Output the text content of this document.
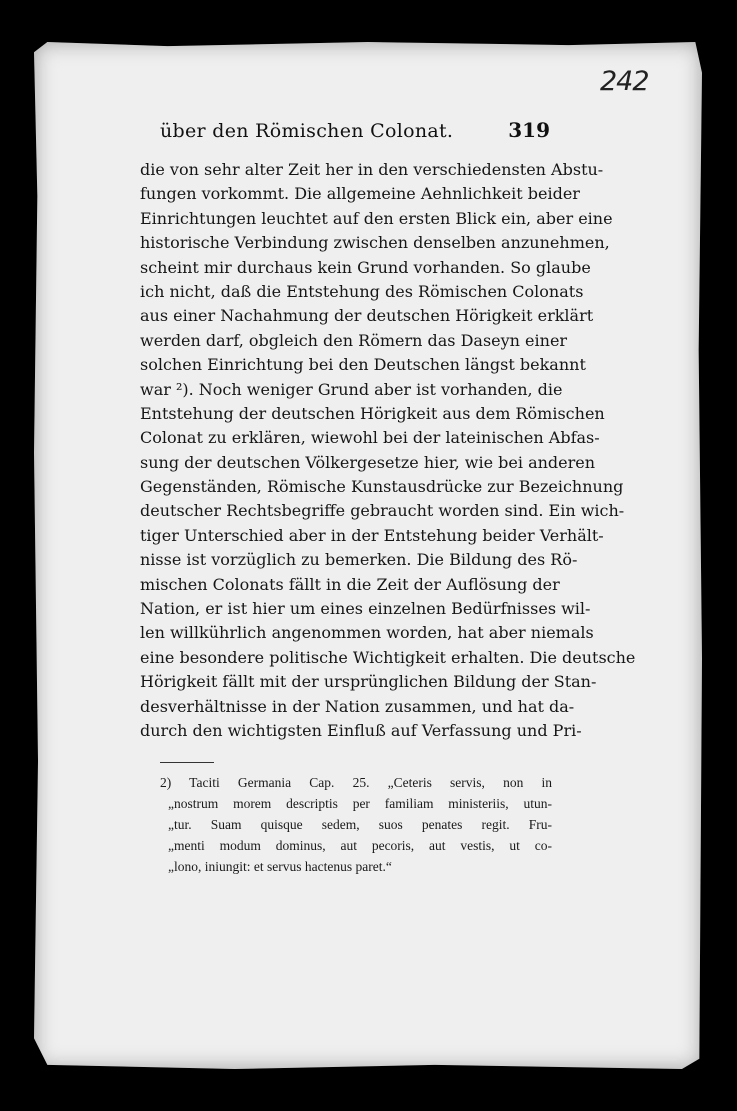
242
über den Römischen Colonat.	319
die von sehr alter Zeit her in den verschiedensten Abstu-
fungen vorkommt. Die allgemeine Aehnlichkeit beider
Einrichtungen leuchtet auf den ersten Blick ein, aber eine
historische Verbindung zwischen denselben anzunehmen,
scheint mir durchaus kein Grund vorhanden. So glaube
ich nicht, daß die Entstehung des Römischen Colonats
aus einer Nachahmung der deutschen Hörigkeit erklärt
werden darf, obgleich den Römern das Daseyn einer
solchen Einrichtung bei den Deutschen längst bekannt
war ²). Noch weniger Grund aber ist vorhanden, die
Entstehung der deutschen Hörigkeit aus dem Römischen
Colonat zu erklären, wiewohl bei der lateinischen Abfas-
sung der deutschen Völkergesetze hier, wie bei anderen
Gegenständen, Römische Kunstausdrücke zur Bezeichnung
deutscher Rechtsbegriffe gebraucht worden sind. Ein wich-
tiger Unterschied aber in der Entstehung beider Verhält-
nisse ist vorzüglich zu bemerken. Die Bildung des Rö-
mischen Colonats fällt in die Zeit der Auflösung der
Nation, er ist hier um eines einzelnen Bedürfnisses wil-
len willkührlich angenommen worden, hat aber niemals
eine besondere politische Wichtigkeit erhalten. Die deutsche
Hörigkeit fällt mit der ursprünglichen Bildung der Stan-
desverhältnisse in der Nation zusammen, und hat da-
durch den wichtigsten Einfluß auf Verfassung und Pri-
2) Taciti Germania Cap. 25. „Ceteris servis, non in
„nostrum morem descriptis per familiam ministeriis, utun-
„tur. Suam quisque sedem, suos penates regit. Fru-
„menti modum dominus, aut pecoris, aut vestis, ut co-
„lono, iniungit: et servus hactenus paret.“
